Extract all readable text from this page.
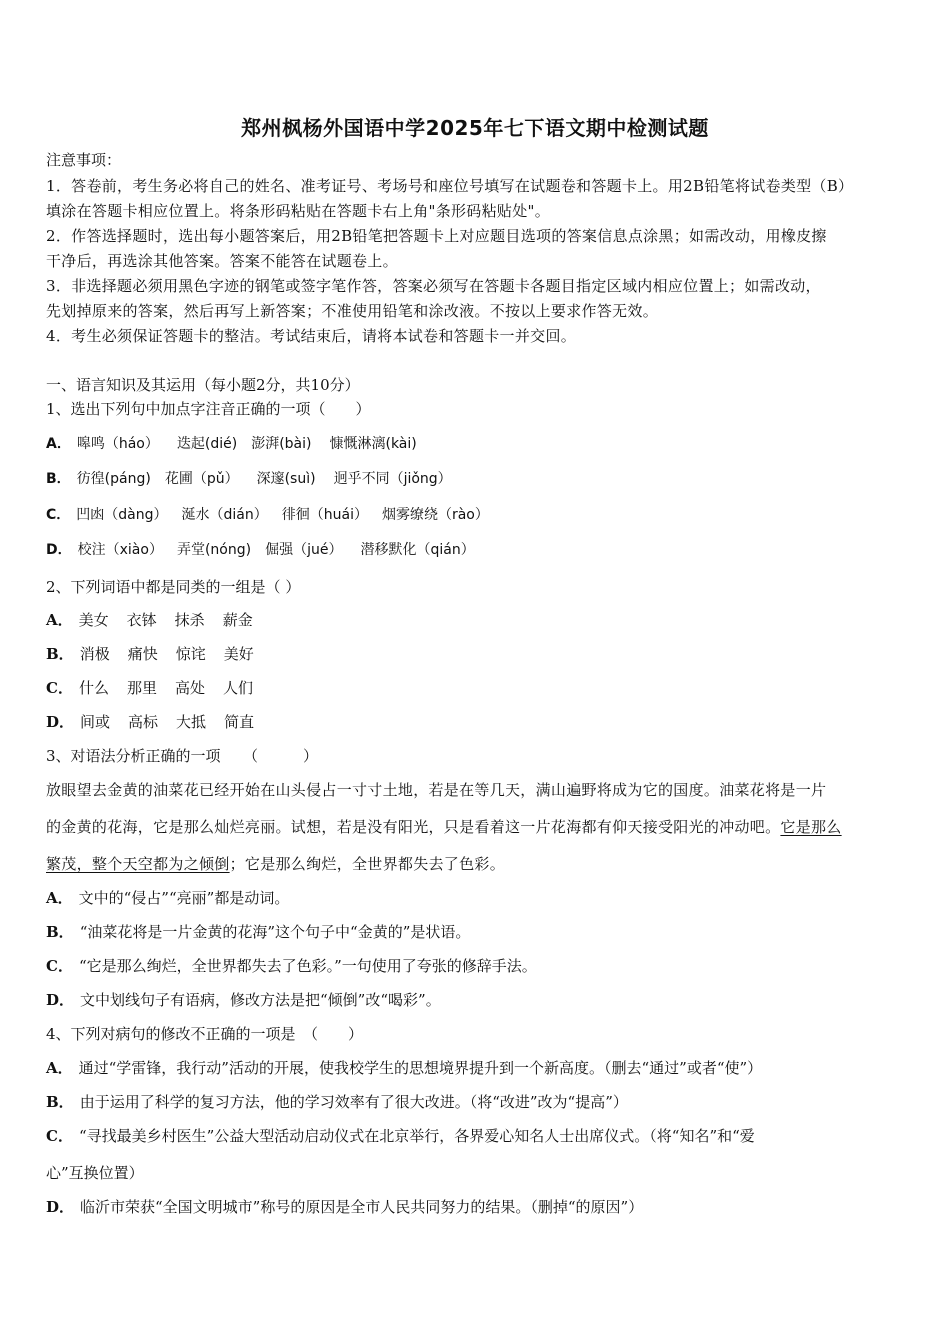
郑州枫杨外国语中学2025年七下语文期中检测试题
注意事项：
1．答卷前，考生务必将自己的姓名、准考证号、考场号和座位号填写在试题卷和答题卡上。用2B铅笔将试卷类型（B）
填涂在答题卡相应位置上。将条形码粘贴在答题卡右上角"条形码粘贴处"。
2．作答选择题时，选出每小题答案后，用2B铅笔把答题卡上对应题目选项的答案信息点涂黑；如需改动，用橡皮擦
干净后，再选涂其他答案。答案不能答在试题卷上。
3．非选择题必须用黑色字迹的钢笔或签字笔作答，答案必须写在答题卡各题目指定区域内相应位置上；如需改动，
先划掉原来的答案，然后再写上新答案；不准使用铅笔和涂改液。不按以上要求作答无效。
4．考生必须保证答题卡的整洁。考试结束后，请将本试卷和答题卡一并交回。
一、语言知识及其运用（每小题2分，共10分）
1、选出下列句中加点字注音正确的一项（　　）
A． 嗥鸣（háo） 迭起(dié) 澎湃(bài) 慷慨淋漓(kài)
B． 彷徨(páng) 花圃（pǔ） 深邃(suì) 迥乎不同（jiǒng）
C． 凹凼（dàng） 涎水（dián） 徘徊（huái） 烟雾缭绕（rào）
D． 校注（xiào） 弄堂(nóng) 倔强（jué） 潜移默化（qián）
2、下列词语中都是同类的一组是（ ）
A． 美女 衣钵 抹杀 薪金
B． 消极 痛快 惊诧 美好
C． 什么 那里 高处 人们
D． 间或 高标 大抵 简直
3、对语法分析正确的一项　　（　　　）
放眼望去金黄的油菜花已经开始在山头侵占一寸寸土地，若是在等几天，满山遍野将成为它的国度。油菜花将是一片
的金黄的花海，它是那么灿烂亮丽。试想，若是没有阳光，只是看着这一片花海都有仰天接受阳光的冲动吧。它是那么
繁茂，整个天空都为之倾倒；它是那么绚烂，全世界都失去了色彩。
A． 文中的“侵占”“亮丽”都是动词。
B． “油菜花将是一片金黄的花海”这个句子中“金黄的”是状语。
C． “它是那么绚烂，全世界都失去了色彩。”一句使用了夸张的修辞手法。
D． 文中划线句子有语病，修改方法是把“倾倒”改“喝彩”。
4、下列对病句的修改不正确的一项是　（　　）
A． 通过“学雷锋，我行动”活动的开展，使我校学生的思想境界提升到一个新高度。（删去“通过”或者“使”）
B． 由于运用了科学的复习方法，他的学习效率有了很大改进。（将“改进”改为“提高”）
C． “寻找最美乡村医生”公益大型活动启动仪式在北京举行，各界爱心知名人士出席仪式。（将“知名”和“爱
心”互换位置）
D． 临沂市荣获“全国文明城市”称号的原因是全市人民共同努力的结果。（删掉“的原因”）
